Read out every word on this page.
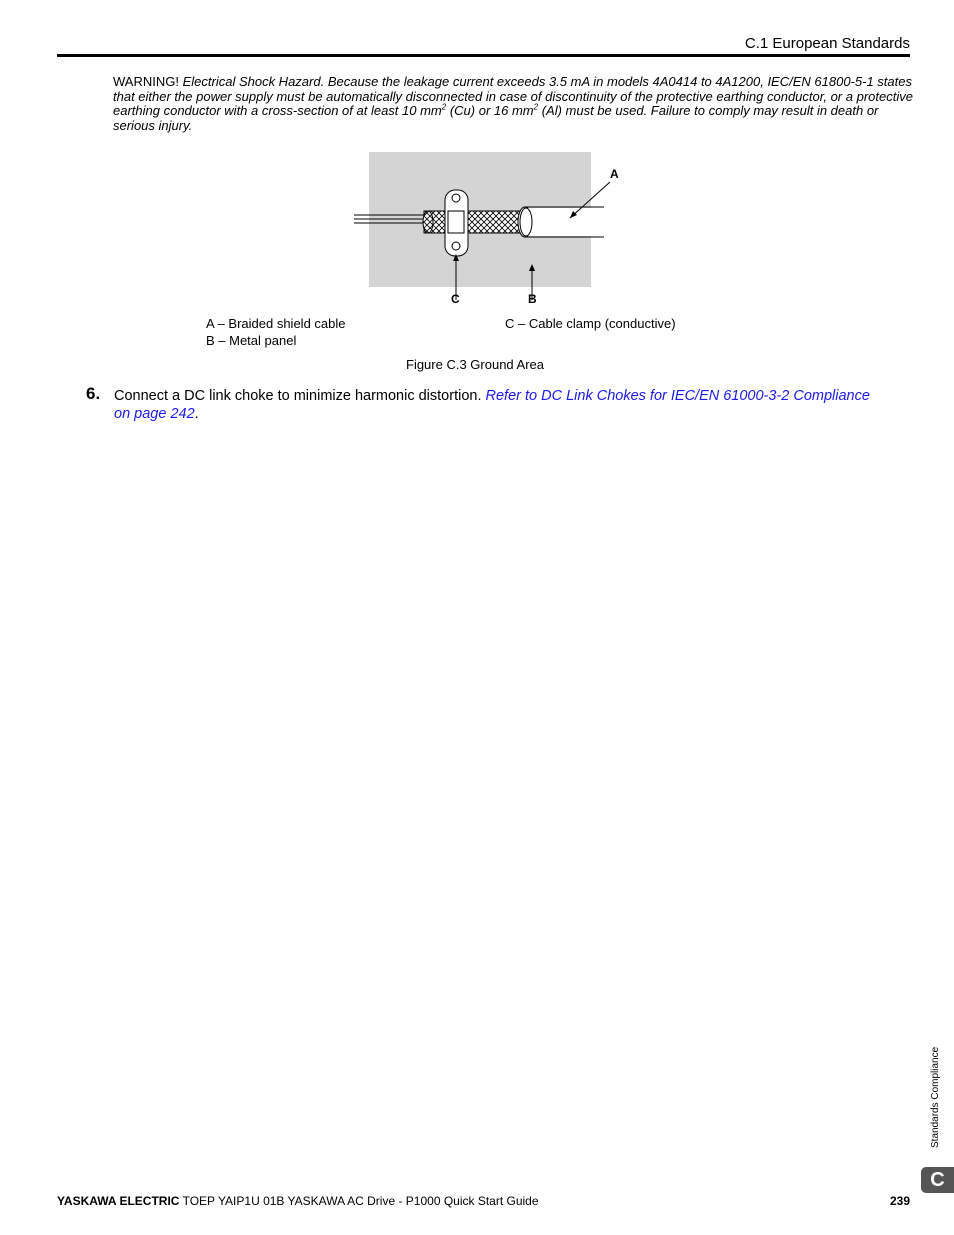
C.1 European Standards
WARNING! Electrical Shock Hazard. Because the leakage current exceeds 3.5 mA in models 4A0414 to 4A1200, IEC/EN 61800-5-1 states that either the power supply must be automatically disconnected in case of discontinuity of the protective earthing conductor, or a protective earthing conductor with a cross-section of at least 10 $mm^2$ (Cu) or 16 $mm^2$ (Al) must be used. Failure to comply may result in death or serious injury.
A
C	B
A – Braided shield cable
B – Metal panel
C – Cable clamp (conductive)
Figure C.3 Ground Area
6. Connect a DC link choke to minimize harmonic distortion. Refer to DC Link Chokes for IEC/EN 61000-3-2 Compliance on page 242.
Standards Compliance
C
YASKAWA ELECTRIC TOEP YAIP1U 01B YASKAWA AC Drive - P1000 Quick Start Guide	239
